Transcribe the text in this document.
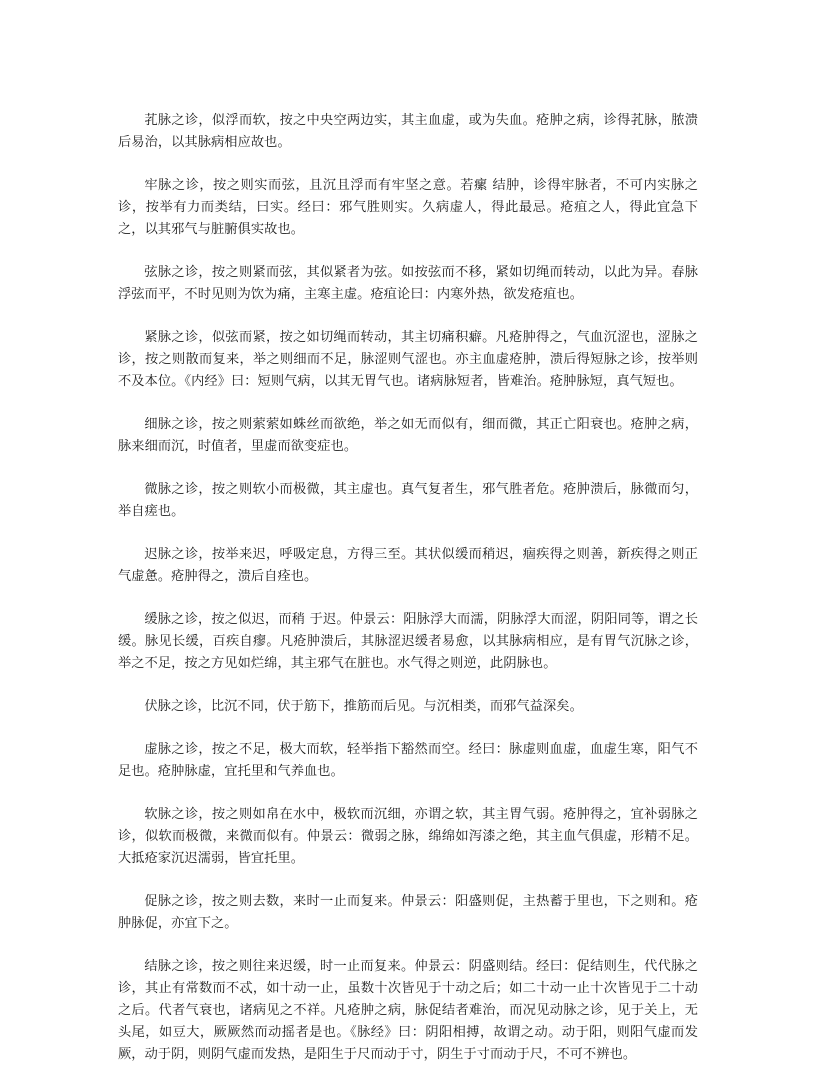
芤脉之诊，似浮而软，按之中央空两边实，其主血虚，或为失血。疮肿之病，诊得芤脉，脓溃后易治，以其脉病相应故也。

牢脉之诊，按之则实而弦，且沉且浮而有牢坚之意。若瘰 结肿，诊得牢脉者，不可内实脉之诊，按举有力而类结，曰实。经曰：邪气胜则实。久病虚人，得此最忌。疮疽之人，得此宜急下之，以其邪气与脏腑俱实故也。

弦脉之诊，按之则紧而弦，其似紧者为弦。如按弦而不移，紧如切绳而转动，以此为异。春脉浮弦而平，不时见则为饮为痛，主寒主虚。疮疽论曰：内寒外热，欲发疮疽也。

紧脉之诊，似弦而紧，按之如切绳而转动，其主切痛积癖。凡疮肿得之，气血沉涩也，涩脉之诊，按之则散而复来，举之则细而不足，脉涩则气涩也。亦主血虚疮肿，溃后得短脉之诊，按举则不及本位。《内经》曰：短则气病，以其无胃气也。诸病脉短者，皆难治。疮肿脉短，真气短也。

细脉之诊，按之则萦萦如蛛丝而欲绝，举之如无而似有，细而微，其正亡阳衰也。疮肿之病，脉来细而沉，时值者，里虚而欲变症也。

微脉之诊，按之则软小而极微，其主虚也。真气复者生，邪气胜者危。疮肿溃后，脉微而匀，举自瘥也。

迟脉之诊，按举来迟，呼吸定息，方得三至。其状似缓而稍迟，痼疾得之则善，新疾得之则正气虚惫。疮肿得之，溃后自痊也。

缓脉之诊，按之似迟，而稍 于迟。仲景云：阳脉浮大而濡，阴脉浮大而涩，阴阳同等，谓之长缓。脉见长缓，百疾自瘳。凡疮肿溃后，其脉涩迟缓者易愈，以其脉病相应，是有胃气沉脉之诊，举之不足，按之方见如烂绵，其主邪气在脏也。水气得之则逆，此阴脉也。

伏脉之诊，比沉不同，伏于筋下，推筋而后见。与沉相类，而邪气益深矣。

虚脉之诊，按之不足，极大而软，轻举指下豁然而空。经曰：脉虚则血虚，血虚生寒，阳气不足也。疮肿脉虚，宜托里和气养血也。

软脉之诊，按之则如帛在水中，极软而沉细，亦谓之软，其主胃气弱。疮肿得之，宜补弱脉之诊，似软而极微，来微而似有。仲景云：微弱之脉，绵绵如泻漆之绝，其主血气俱虚，形精不足。大抵疮家沉迟濡弱，皆宜托里。

促脉之诊，按之则去数，来时一止而复来。仲景云：阳盛则促，主热蓄于里也，下之则和。疮肿脉促，亦宜下之。

结脉之诊，按之则往来迟缓，时一止而复来。仲景云：阴盛则结。经曰：促结则生，代代脉之诊，其止有常数而不忒，如十动一止，虽数十次皆见于十动之后；如二十动一止十次皆见于二十动之后。代者气衰也，诸病见之不祥。凡疮肿之病，脉促结者难治，而况见动脉之诊，见于关上，无头尾，如豆大，厥厥然而动摇者是也。《脉经》曰：阴阳相搏，故谓之动。动于阳，则阳气虚而发厥，动于阴，则阴气虚而发热，是阳生于尺而动于寸，阴生于寸而动于尺，不可不辨也。
